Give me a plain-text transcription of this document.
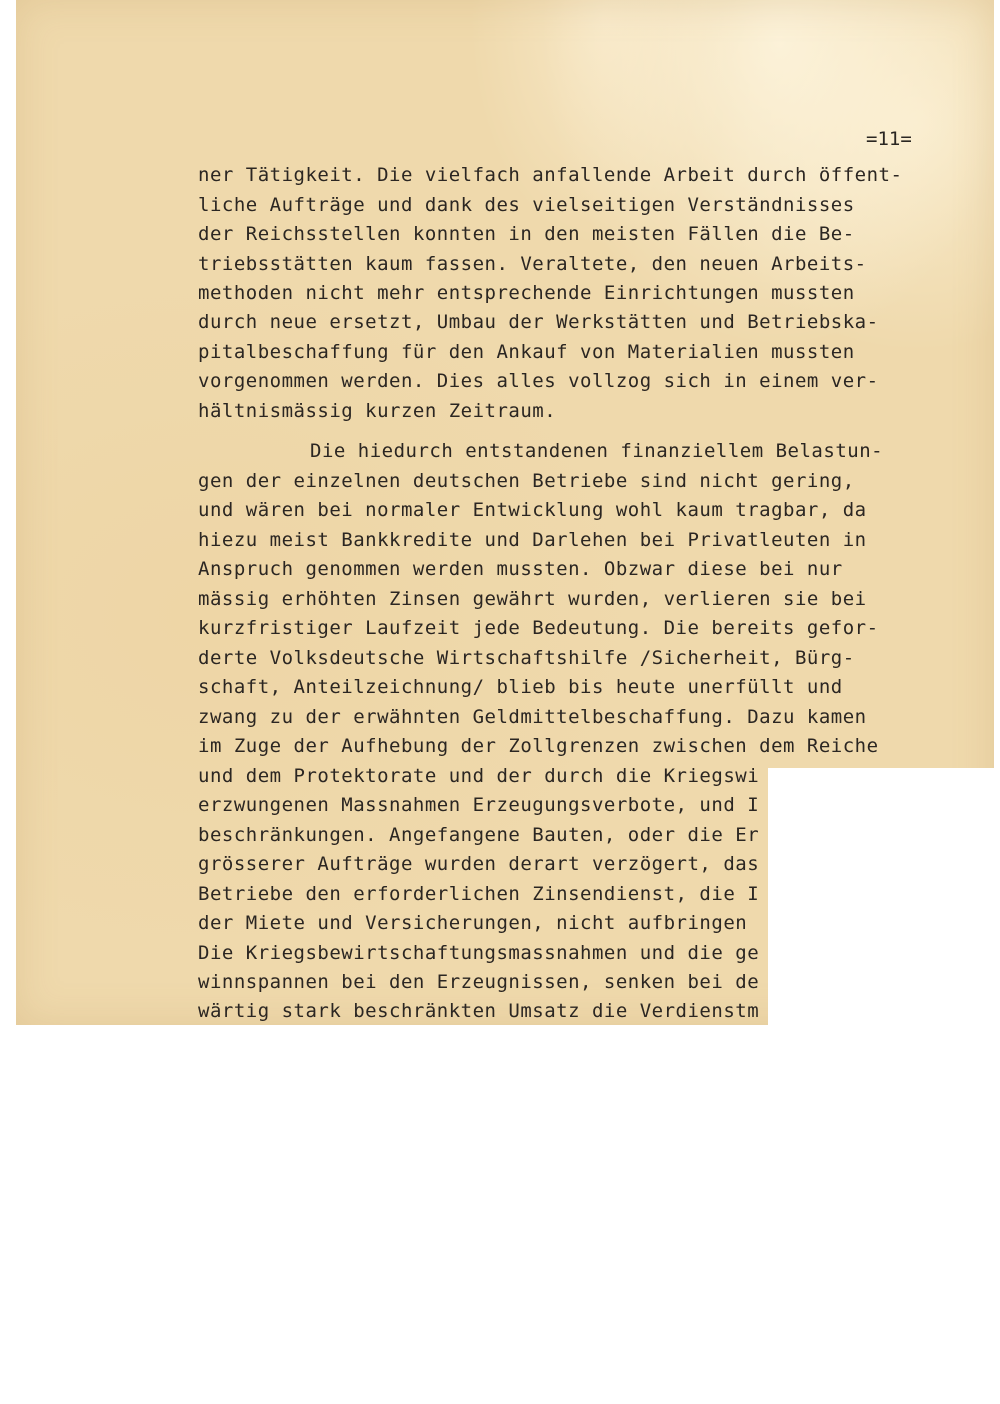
=11=
ner Tätigkeit. Die vielfach anfallende Arbeit durch öffent-
liche Aufträge und dank des vielseitigen Verständnisses
der Reichsstellen konnten in den meisten Fällen die Be-
triebsstätten kaum fassen. Veraltete, den neuen Arbeits-
methoden nicht mehr entsprechende Einrichtungen mussten
durch neue ersetzt, Umbau der Werkstätten und Betriebska-
pitalbeschaffung für den Ankauf von Materialien mussten
vorgenommen werden. Dies alles vollzog sich in einem ver-
hältnismässig kurzen Zeitraum.
Die hiedurch entstandenen finanziellem Belastun-
gen der einzelnen deutschen Betriebe sind nicht gering,
und wären bei normaler Entwicklung wohl kaum tragbar, da
hiezu meist Bankkredite und Darlehen bei Privatleuten in
Anspruch genommen werden mussten. Obzwar diese bei nur
mässig erhöhten Zinsen gewährt wurden, verlieren sie bei
kurzfristiger Laufzeit jede Bedeutung. Die bereits gefor-
derte Volksdeutsche Wirtschaftshilfe /Sicherheit, Bürg-
schaft, Anteilzeichnung/ blieb bis heute unerfüllt und
zwang zu der erwähnten Geldmittelbeschaffung. Dazu kamen
im Zuge der Aufhebung der Zollgrenzen zwischen dem Reiche
und dem Protektorate und der durch die Kriegswi
erzwungenen Massnahmen Erzeugungsverbote, und I
beschränkungen. Angefangene Bauten, oder die Er
grösserer Aufträge wurden derart verzögert, das
Betriebe den erforderlichen Zinsendienst, die I
der Miete und Versicherungen, nicht aufbringen
Die Kriegsbewirtschaftungsmassnahmen und die ge
winnspannen bei den Erzeugnissen, senken bei de
wärtig stark beschränkten Umsatz die Verdienstm
